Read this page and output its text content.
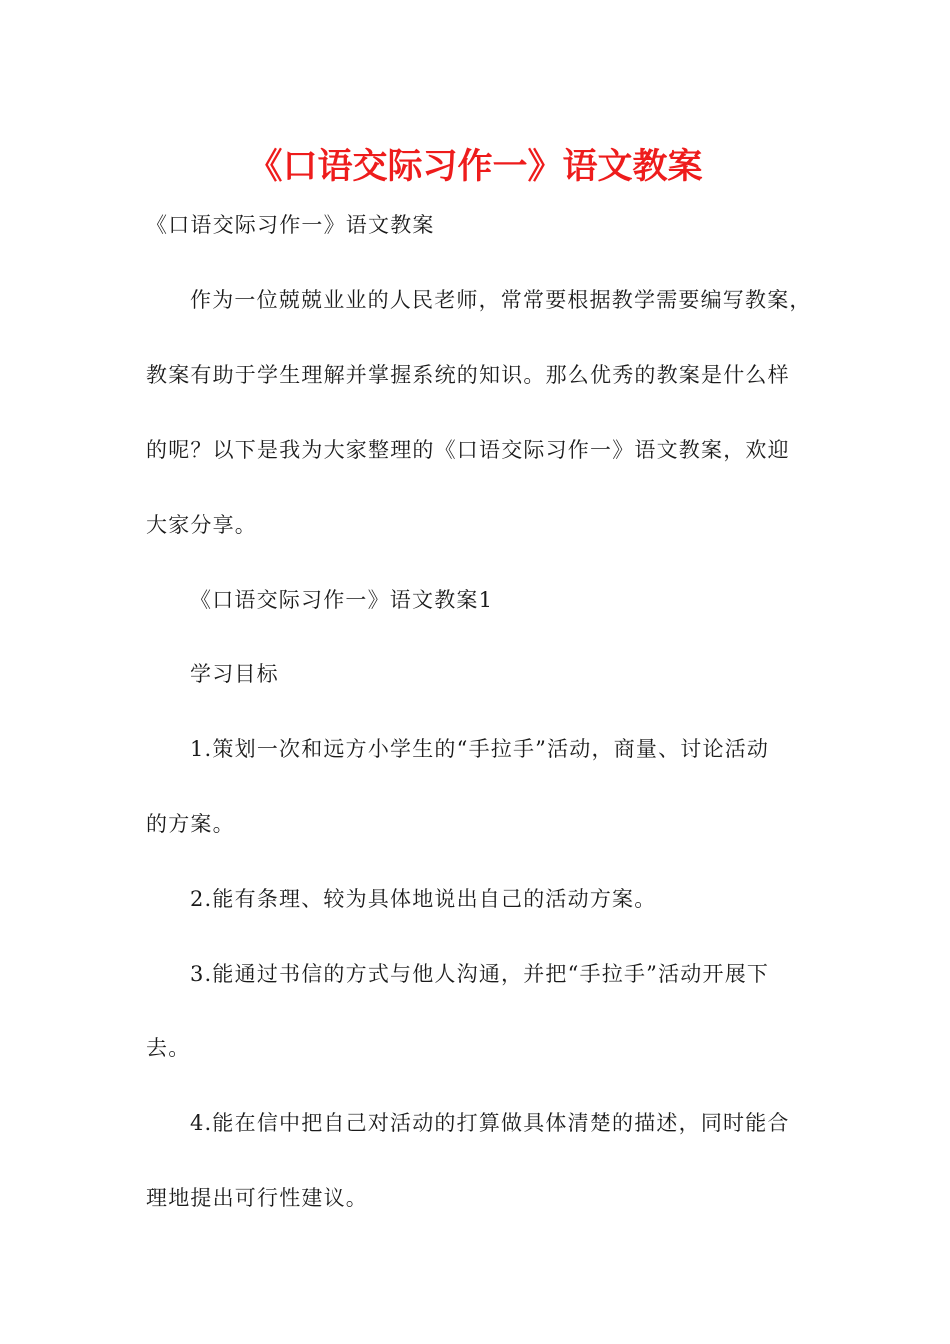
《口语交际习作一》语文教案
《口语交际习作一》语文教案
作为一位兢兢业业的人民老师，常常要根据教学需要编写教案，
教案有助于学生理解并掌握系统的知识。那么优秀的教案是什么样
的呢？以下是我为大家整理的《口语交际习作一》语文教案，欢迎
大家分享。
《口语交际习作一》语文教案1
学习目标
1.策划一次和远方小学生的“手拉手”活动，商量、讨论活动
的方案。
2.能有条理、较为具体地说出自己的活动方案。
3.能通过书信的方式与他人沟通，并把“手拉手”活动开展下
去。
4.能在信中把自己对活动的打算做具体清楚的描述，同时能合
理地提出可行性建议。
